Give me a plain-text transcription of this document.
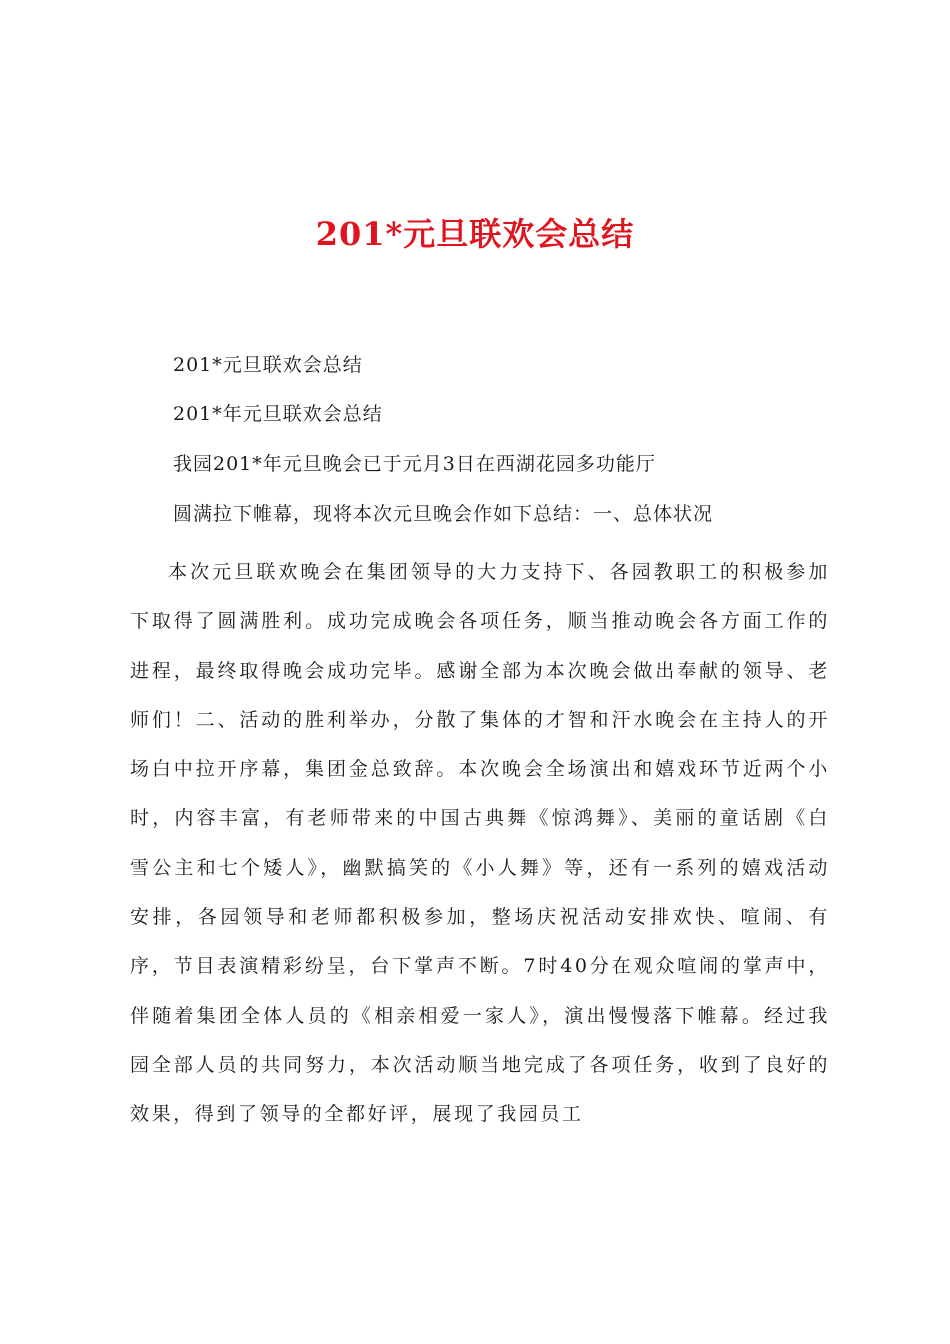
201*元旦联欢会总结
201*元旦联欢会总结
201*年元旦联欢会总结
我园201*年元旦晚会已于元月3日在西湖花园多功能厅
圆满拉下帷幕，现将本次元旦晚会作如下总结：一、总体状况

本次元旦联欢晚会在集团领导的大力支持下、各园教职工的积极参加下取得了圆满胜利。成功完成晚会各项任务，顺当推动晚会各方面工作的进程，最终取得晚会成功完毕。感谢全部为本次晚会做出奉献的领导、老师们！二、活动的胜利举办，分散了集体的才智和汗水晚会在主持人的开场白中拉开序幕，集团金总致辞。本次晚会全场演出和嬉戏环节近两个小时，内容丰富，有老师带来的中国古典舞《惊鸿舞》、美丽的童话剧《白雪公主和七个矮人》，幽默搞笑的《小人舞》等，还有一系列的嬉戏活动安排，各园领导和老师都积极参加，整场庆祝活动安排欢快、喧闹、有序，节目表演精彩纷呈，台下掌声不断。7时40分在观众喧闹的掌声中，伴随着集团全体人员的《相亲相爱一家人》，演出慢慢落下帷幕。经过我园全部人员的共同努力，本次活动顺当地完成了各项任务，收到了良好的效果，得到了领导的全都好评，展现了我园员工
